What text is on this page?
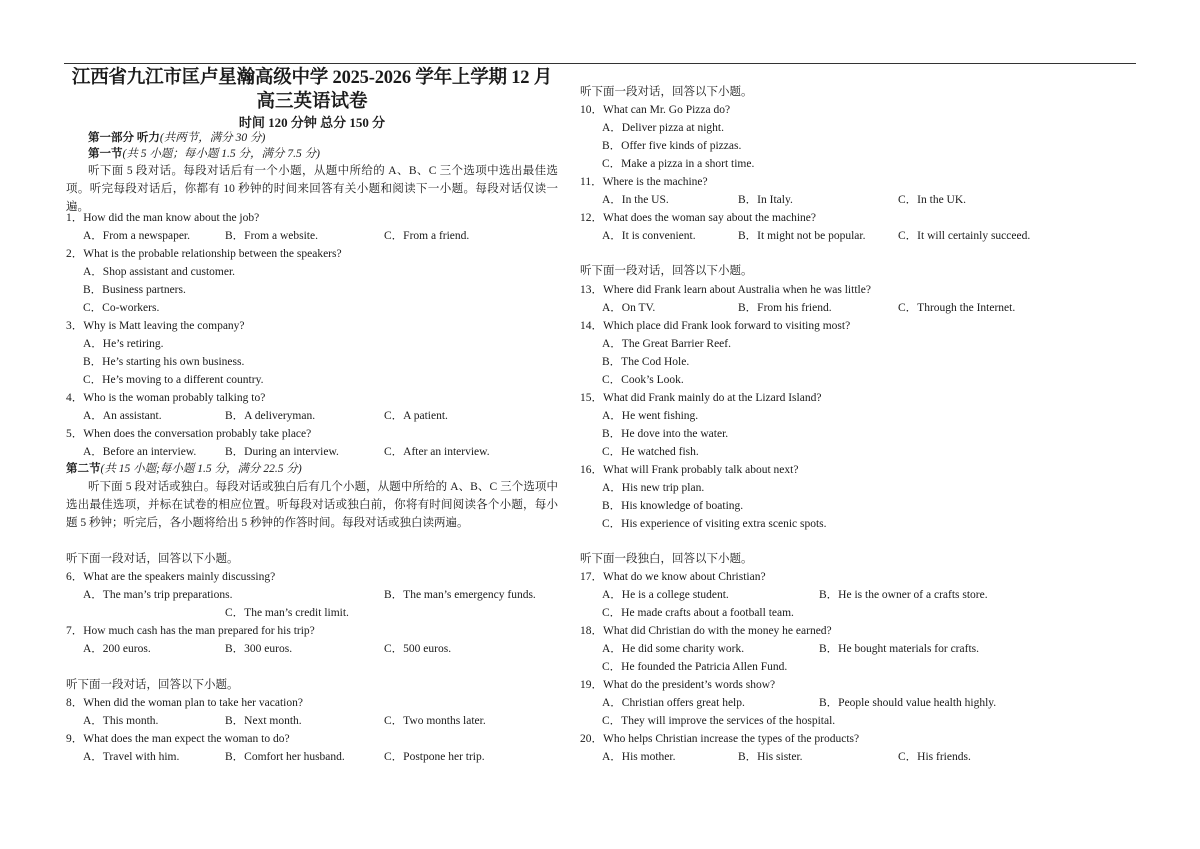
江西省九江市匡卢星瀚高级中学 2025-2026 学年上学期 12 月
高三英语试卷
时间 120 分钟 总分 150 分
第一部分 听力(共两节，满分 30 分)
第一节(共 5 小题；每小题 1.5 分，满分 7.5 分)
听下面 5 段对话。每段对话后有一个小题，从题中所给的 A、B、C 三个选项中选出最佳选项。听完每段对话后，你都有 10 秒钟的时间来回答有关小题和阅读下一小题。每段对话仅读一遍。
1．How did the man know about the job?
A．From a newspaper.	B．From a website.	C．From a friend.
2．What is the probable relationship between the speakers?
A．Shop assistant and customer.
B．Business partners.
C．Co-workers.
3．Why is Matt leaving the company?
A．He’s retiring.
B．He’s starting his own business.
C．He’s moving to a different country.
4．Who is the woman probably talking to?
A．An assistant.	B．A deliveryman.	C．A patient.
5．When does the conversation probably take place?
A．Before an interview. B．During an interview.	C．After an interview.
第二节(共 15 小题;每小题 1.5 分，满分 22.5 分)
听下面 5 段对话或独白。每段对话或独白后有几个小题，从题中所给的 A、B、C 三个选项中选出最佳选项，并标在试卷的相应位置。听每段对话或独白前，你将有时间阅读各个小题，每小题 5 秒钟；听完后，各小题将给出 5 秒钟的作答时间。每段对话或独白读两遍。
听下面一段对话，回答以下小题。
6．What are the speakers mainly discussing?
A．The man’s trip preparations.	B．The man’s emergency funds.
C．The man’s credit limit.
7．How much cash has the man prepared for his trip?
A．200 euros.	B．300 euros.	C．500 euros.
听下面一段对话，回答以下小题。
8．When did the woman plan to take her vacation?
A．This month.	B．Next month.	C．Two months later.
9．What does the man expect the woman to do?
A．Travel with him.	B．Comfort her husband.	C．Postpone her trip.
听下面一段对话，回答以下小题。
10．What can Mr. Go Pizza do?
A．Deliver pizza at night.
B．Offer five kinds of pizzas.
C．Make a pizza in a short time.
11．Where is the machine?
A．In the US.	B．In Italy.	C．In the UK.
12．What does the woman say about the machine?
A．It is convenient.	B．It might not be popular.	C．It will certainly succeed.
听下面一段对话，回答以下小题。
13．Where did Frank learn about Australia when he was little?
A．On TV.	B．From his friend.	C．Through the Internet.
14．Which place did Frank look forward to visiting most?
A．The Great Barrier Reef.
B．The Cod Hole.
C．Cook’s Look.
15．What did Frank mainly do at the Lizard Island?
A．He went fishing.
B．He dove into the water.
C．He watched fish.
16．What will Frank probably talk about next?
A．His new trip plan.
B．His knowledge of boating.
C．His experience of visiting extra scenic spots.
听下面一段独白，回答以下小题。
17．What do we know about Christian?
A．He is a college student.	B．He is the owner of a crafts store.
C．He made crafts about a football team.
18．What did Christian do with the money he earned?
A．He did some charity work.	B．He bought materials for crafts.
C．He founded the Patricia Allen Fund.
19．What do the president’s words show?
A．Christian offers great help.	B．People should value health highly.
C．They will improve the services of the hospital.
20．Who helps Christian increase the types of the products?
A．His mother.	B．His sister.	C．His friends.
